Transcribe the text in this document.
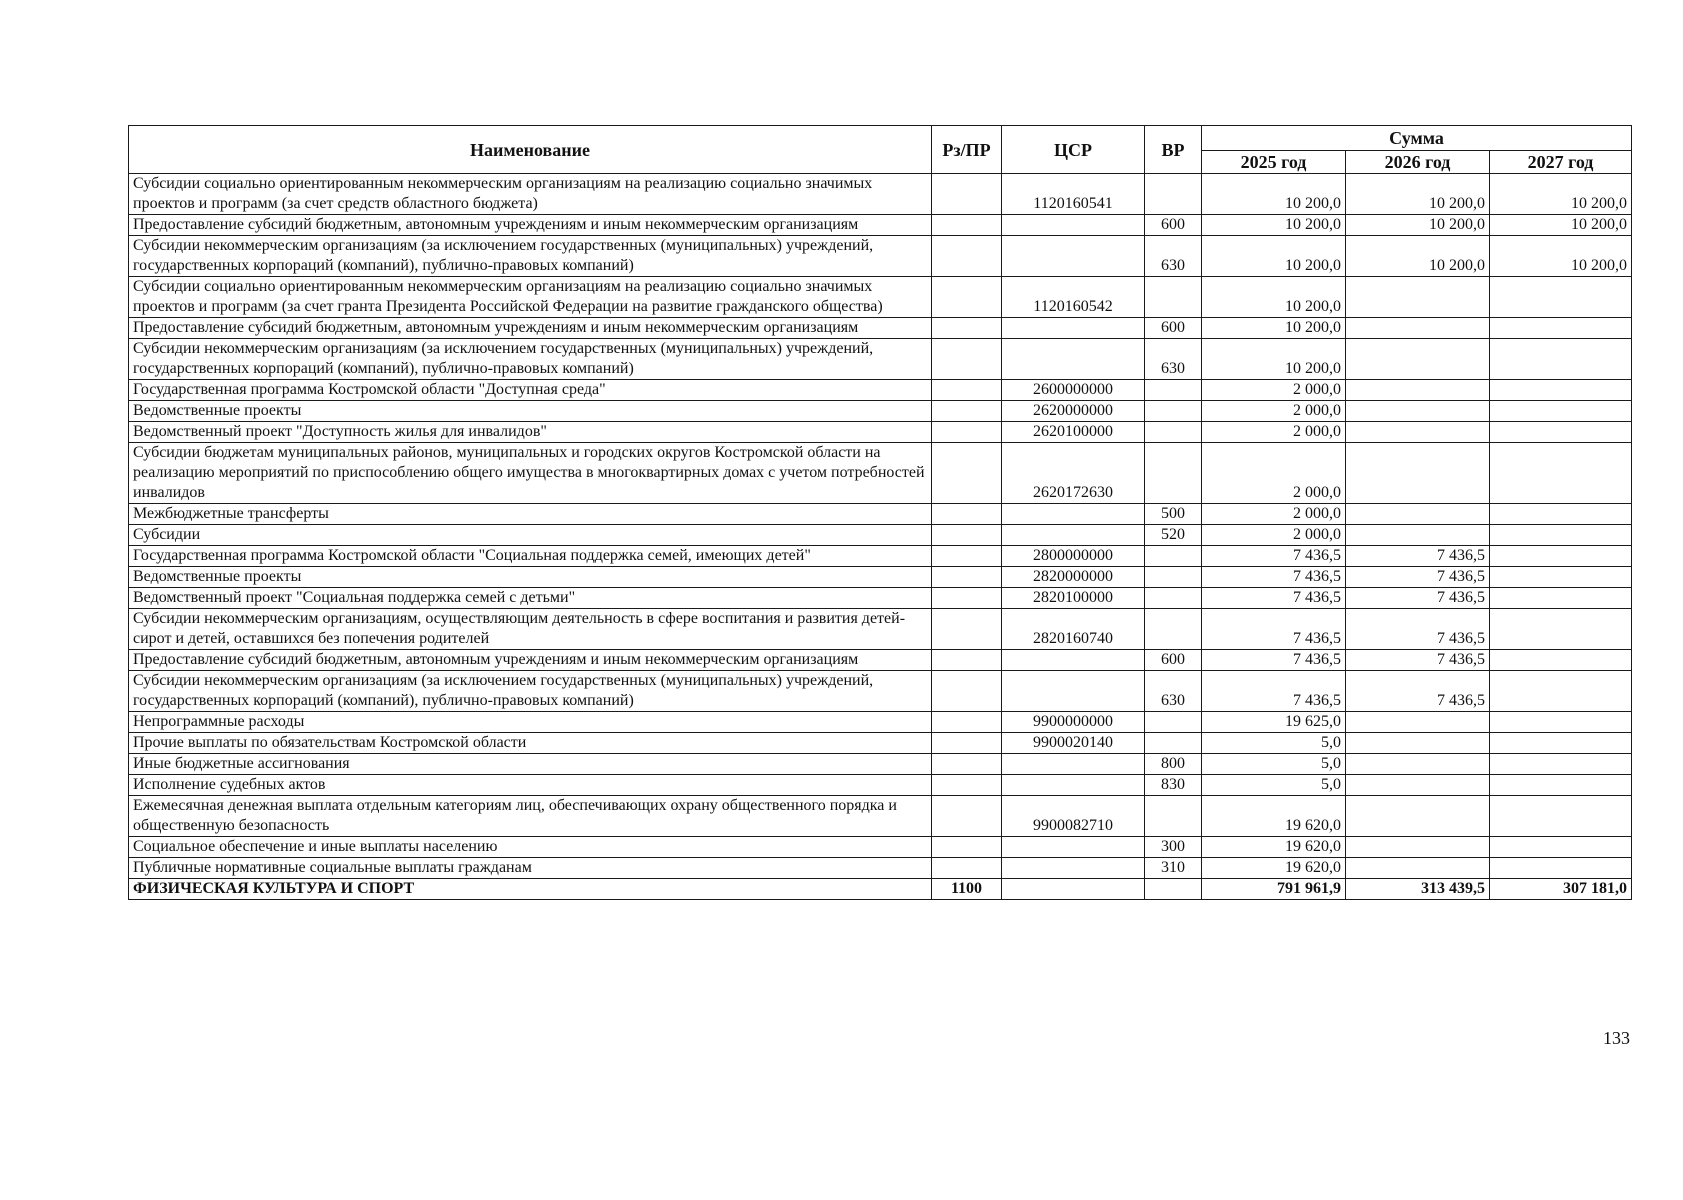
Наименование	Рз/ПР	ЦСР	ВР	Сумма		
				2025 год	2026 год	2027 год
Субсидии социально ориентированным некоммерческим организациям на реализацию социально значимых проектов и программ (за счет средств областного бюджета)		1120160541		10 200,0	10 200,0	10 200,0
Предоставление субсидий бюджетным, автономным учреждениям и иным некоммерческим организациям			600	10 200,0	10 200,0	10 200,0
Субсидии некоммерческим организациям (за исключением государственных (муниципальных) учреждений, государственных корпораций (компаний), публично-правовых компаний)			630	10 200,0	10 200,0	10 200,0
Субсидии социально ориентированным некоммерческим организациям на реализацию социально значимых проектов и программ (за счет гранта Президента Российской Федерации на развитие гражданского общества)		1120160542		10 200,0		
Предоставление субсидий бюджетным, автономным учреждениям и иным некоммерческим организациям			600	10 200,0		
Субсидии некоммерческим организациям (за исключением государственных (муниципальных) учреждений, государственных корпораций (компаний), публично-правовых компаний)			630	10 200,0		
Государственная программа Костромской области "Доступная среда"		2600000000		2 000,0		
Ведомственные проекты		2620000000		2 000,0		
Ведомственный проект "Доступность жилья для инвалидов"		2620100000		2 000,0		
Субсидии бюджетам муниципальных районов, муниципальных и городских округов Костромской области на реализацию мероприятий по приспособлению общего имущества в многоквартирных домах с учетом потребностей инвалидов		2620172630		2 000,0		
Межбюджетные трансферты			500	2 000,0		
Субсидии			520	2 000,0		
Государственная программа Костромской области "Социальная поддержка семей, имеющих детей"		2800000000		7 436,5	7 436,5	
Ведомственные проекты		2820000000		7 436,5	7 436,5	
Ведомственный проект "Социальная поддержка семей с детьми"		2820100000		7 436,5	7 436,5	
Субсидии некоммерческим организациям, осуществляющим деятельность в сфере воспитания и развития детей-сирот и детей, оставшихся без попечения родителей		2820160740		7 436,5	7 436,5	
Предоставление субсидий бюджетным, автономным учреждениям и иным некоммерческим организациям			600	7 436,5	7 436,5	
Субсидии некоммерческим организациям (за исключением государственных (муниципальных) учреждений, государственных корпораций (компаний), публично-правовых компаний)			630	7 436,5	7 436,5	
Непрограммные расходы		9900000000		19 625,0		
Прочие выплаты по обязательствам Костромской области		9900020140		5,0		
Иные бюджетные ассигнования			800	5,0		
Исполнение судебных актов			830	5,0		
Ежемесячная денежная выплата отдельным категориям лиц, обеспечивающих охрану общественного порядка и общественную безопасность		9900082710		19 620,0		
Социальное обеспечение и иные выплаты населению			300	19 620,0		
Публичные нормативные социальные выплаты гражданам			310	19 620,0		
ФИЗИЧЕСКАЯ КУЛЬТУРА И СПОРТ	1100			791 961,9	313 439,5	307 181,0
133
